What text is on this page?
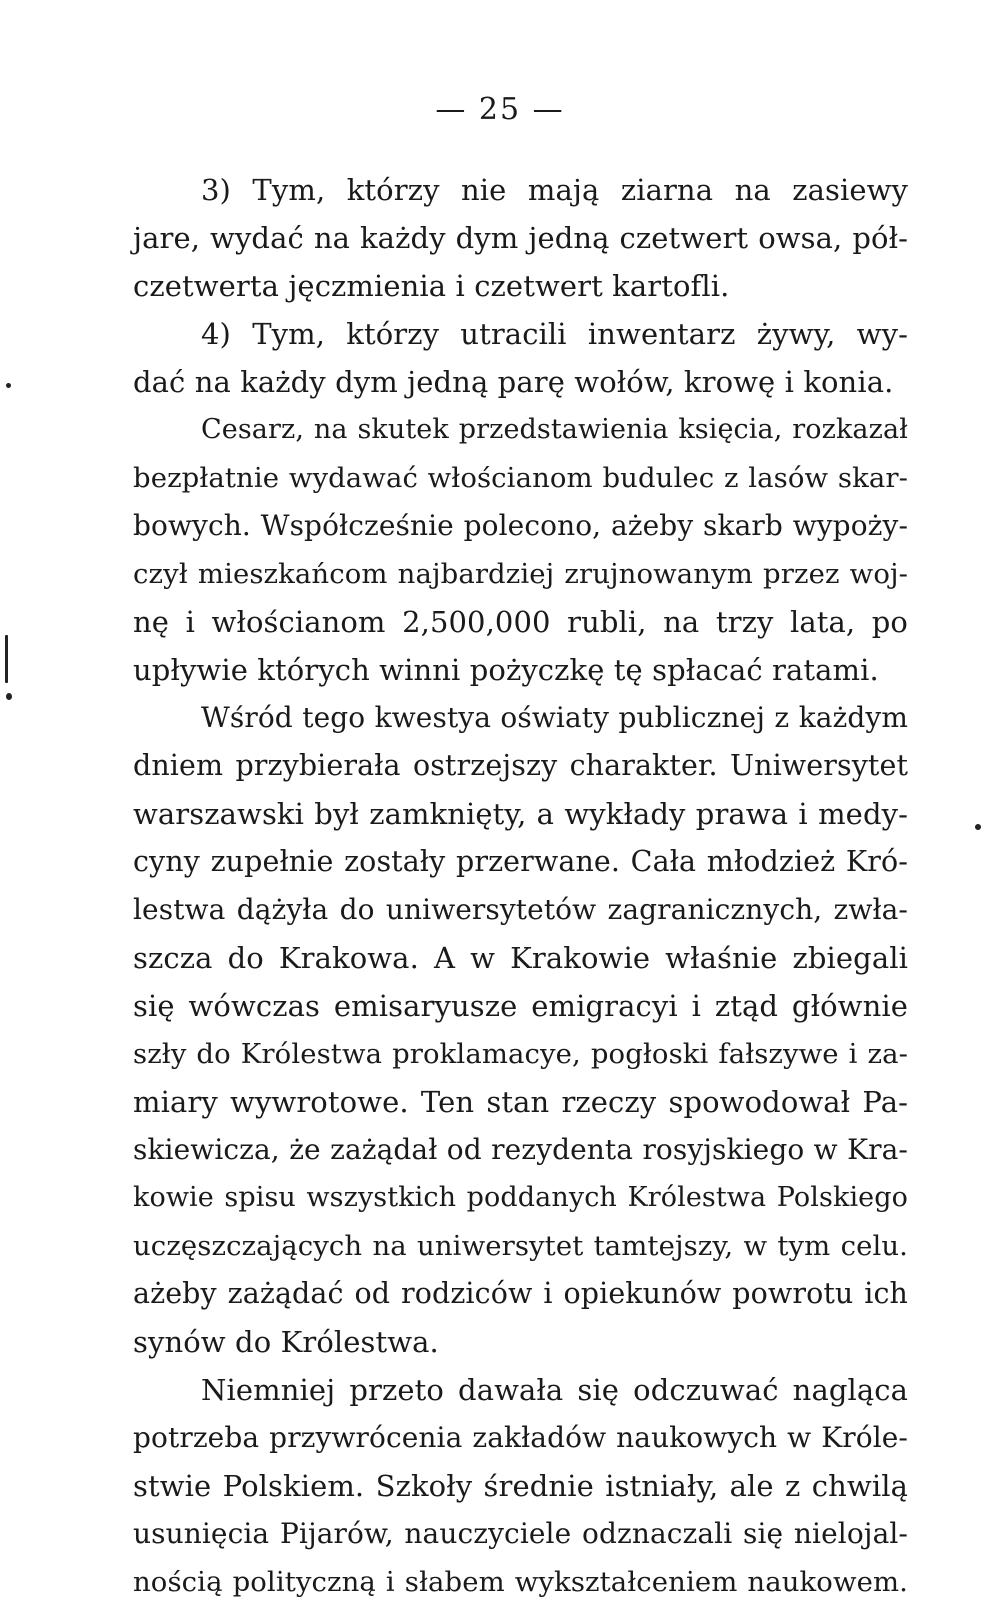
— 25 —
3) Tym, którzy nie mają ziarna na zasiewy
jare, wydać na każdy dym jedną czetwert owsa, pół-
czetwerta jęczmienia i czetwert kartofli.
4) Tym, którzy utracili inwentarz żywy, wy-
dać na każdy dym jedną parę wołów, krowę i konia.
Cesarz, na skutek przedstawienia księcia, rozkazał
bezpłatnie wydawać włościanom budulec z lasów skar-
bowych. Współcześnie polecono, ażeby skarb wypoży-
czył mieszkańcom najbardziej zrujnowanym przez woj-
nę i włościanom 2,500,000 rubli, na trzy lata, po
upływie których winni pożyczkę tę spłacać ratami.
Wśród tego kwestya oświaty publicznej z każdym
dniem przybierała ostrzejszy charakter. Uniwersytet
warszawski był zamknięty, a wykłady prawa i medy-
cyny zupełnie zostały przerwane. Cała młodzież Kró-
lestwa dążyła do uniwersytetów zagranicznych, zwła-
szcza do Krakowa. A w Krakowie właśnie zbiegali
się wówczas emisaryusze emigracyi i ztąd głównie
szły do Królestwa proklamacye, pogłoski fałszywe i za-
miary wywrotowe. Ten stan rzeczy spowodował Pa-
skiewicza, że zażądał od rezydenta rosyjskiego w Kra-
kowie spisu wszystkich poddanych Królestwa Polskiego
uczęszczających na uniwersytet tamtejszy, w tym celu.
ażeby zażądać od rodziców i opiekunów powrotu ich
synów do Królestwa.
Niemniej przeto dawała się odczuwać nagląca
potrzeba przywrócenia zakładów naukowych w Króle-
stwie Polskiem. Szkoły średnie istniały, ale z chwilą
usunięcia Pijarów, nauczyciele odznaczali się nielojal-
nością polityczną i słabem wykształceniem naukowem.
